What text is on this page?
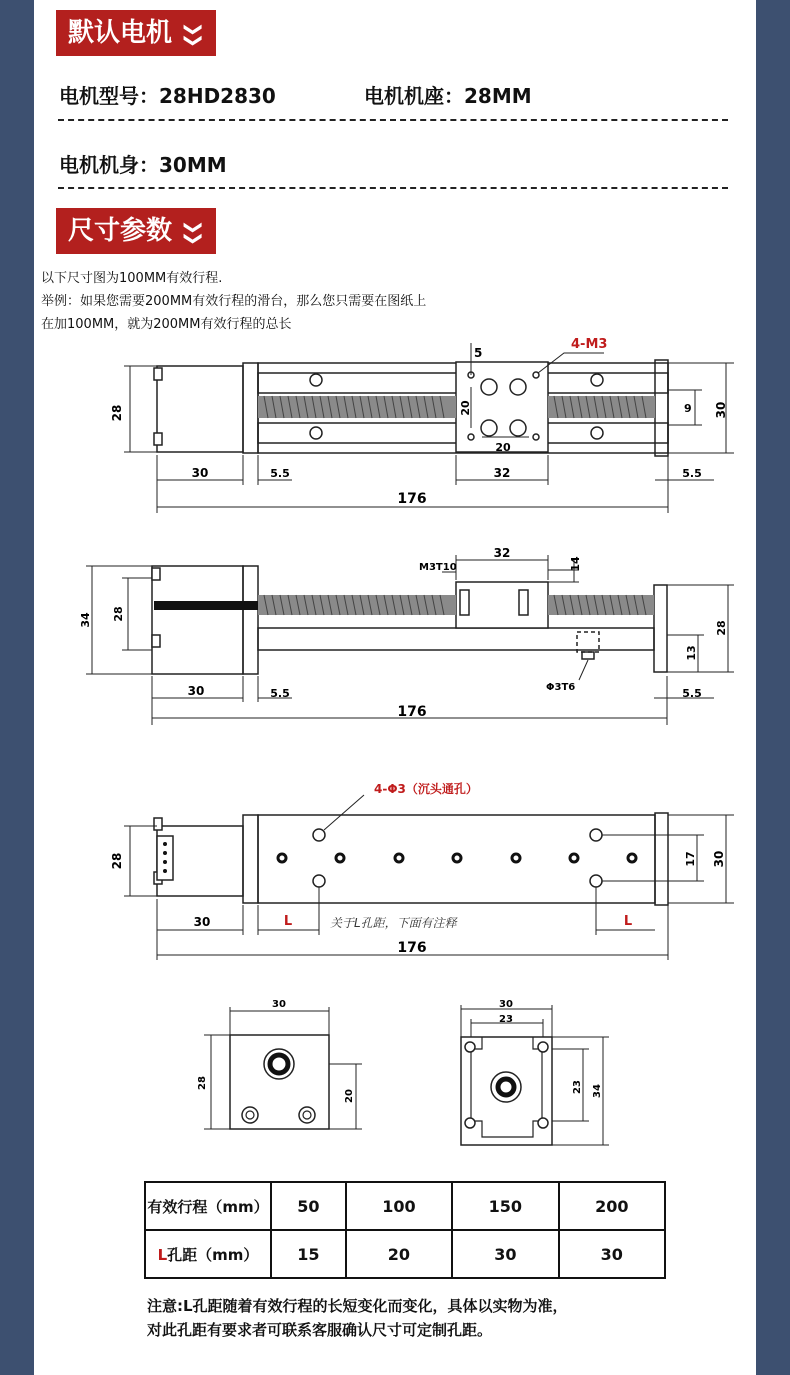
默认电机 ❯❯
电机型号：28HD2830	电机机座：28MM
电机机身：30MM
尺寸参数 ❯❯
以下尺寸图为100MM有效行程.
举例：如果您需要200MM有效行程的滑台，那么您只需要在图纸上
在加100MM，就为200MM有效行程的总长
28	30
9
5
20
20
4-M3
32
30	5.5	5.5
176
34 28
28
13
14
32
M3T10
Φ3T6
30	5.5	5.5
176
28	30
17
4-Φ3（沉头通孔）
30	L	L
关于L孔距，下面有注释
176
30
28
20
30
23
23 34
有效行程（mm）	50	100	150	200
L孔距（mm）	15	20	30	30
注意:L孔距随着有效行程的长短变化而变化，具体以实物为准，
对此孔距有要求者可联系客服确认尺寸可定制孔距。
